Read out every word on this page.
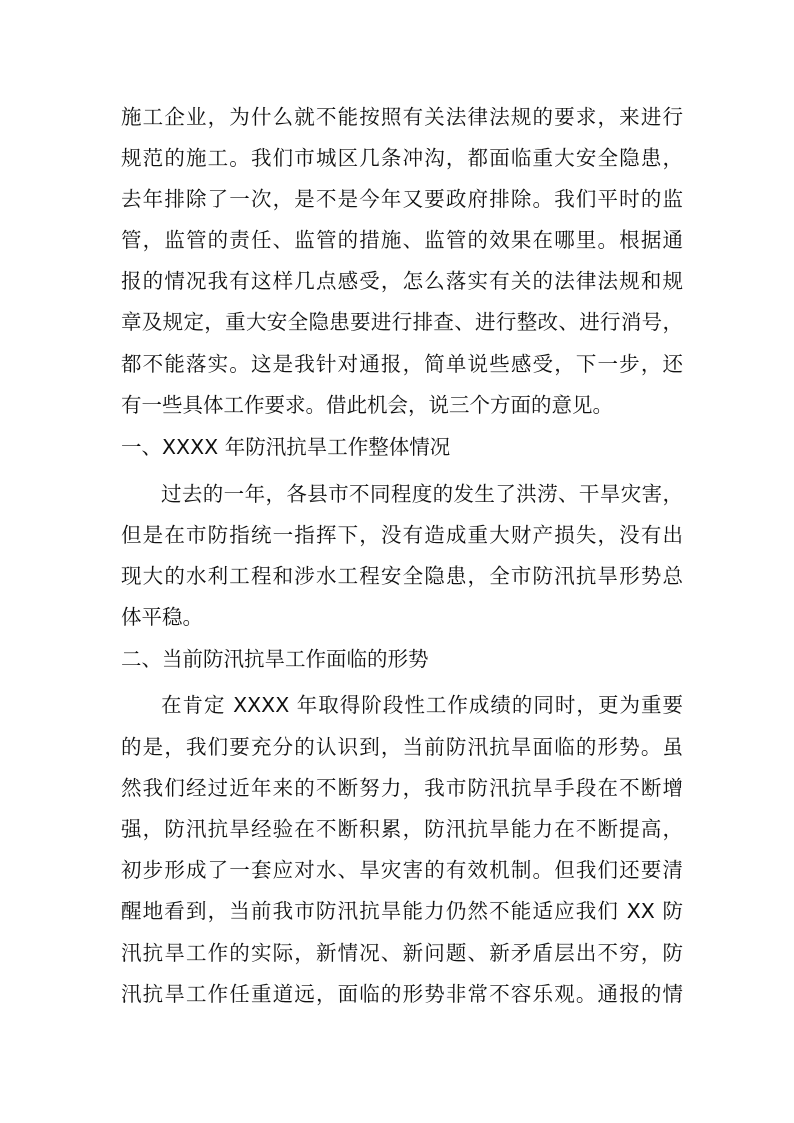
施工企业，为什么就不能按照有关法律法规的要求，来进行
规范的施工。我们市城区几条冲沟，都面临重大安全隐患，
去年排除了一次，是不是今年又要政府排除。我们平时的监
管，监管的责任、监管的措施、监管的效果在哪里。根据通
报的情况我有这样几点感受，怎么落实有关的法律法规和规
章及规定，重大安全隐患要进行排查、进行整改、进行消号，
都不能落实。这是我针对通报，简单说些感受，下一步，还
有一些具体工作要求。借此机会，说三个方面的意见。
一、XXXX 年防汛抗旱工作整体情况
过去的一年，各县市不同程度的发生了洪涝、干旱灾害，
但是在市防指统一指挥下，没有造成重大财产损失，没有出
现大的水利工程和涉水工程安全隐患，全市防汛抗旱形势总
体平稳。
二、当前防汛抗旱工作面临的形势
在肯定 XXXX 年取得阶段性工作成绩的同时，更为重要
的是，我们要充分的认识到，当前防汛抗旱面临的形势。虽
然我们经过近年来的不断努力，我市防汛抗旱手段在不断增
强，防汛抗旱经验在不断积累，防汛抗旱能力在不断提高，
初步形成了一套应对水、旱灾害的有效机制。但我们还要清
醒地看到，当前我市防汛抗旱能力仍然不能适应我们 XX 防
汛抗旱工作的实际，新情况、新问题、新矛盾层出不穷，防
汛抗旱工作任重道远，面临的形势非常不容乐观。通报的情
